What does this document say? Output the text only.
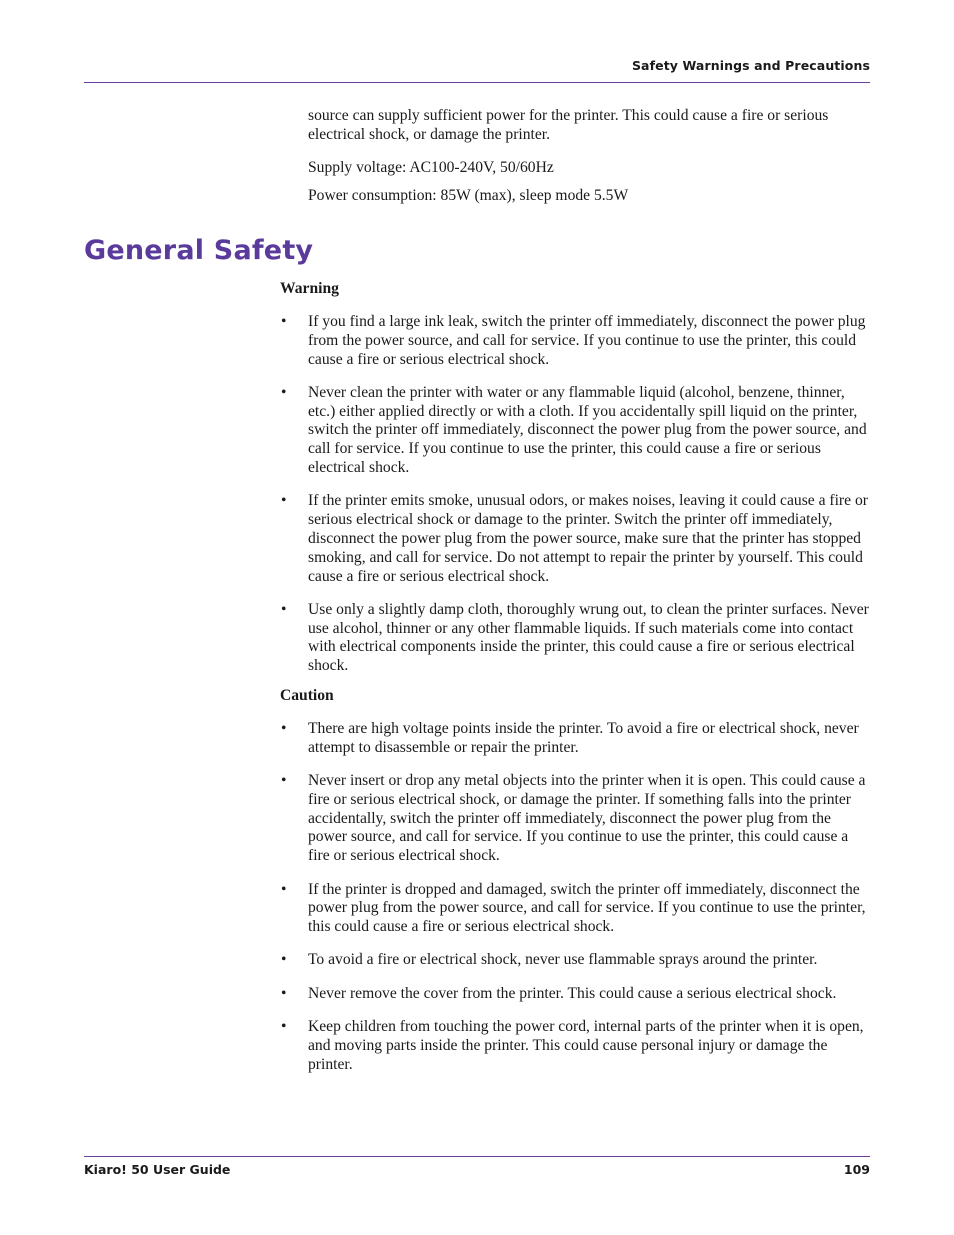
Safety Warnings and Precautions

source can supply sufficient power for the printer. This could cause a fire or serious electrical shock, or damage the printer.

Supply voltage: AC100-240V, 50/60Hz

Power consumption: 85W (max), sleep mode 5.5W

General Safety

Warning

• If you find a large ink leak, switch the printer off immediately, disconnect the power plug from the power source, and call for service. If you continue to use the printer, this could cause a fire or serious electrical shock.
• Never clean the printer with water or any flammable liquid (alcohol, benzene, thinner, etc.) either applied directly or with a cloth. If you accidentally spill liquid on the printer, switch the printer off immediately, disconnect the power plug from the power source, and call for service. If you continue to use the printer, this could cause a fire or serious electrical shock.
• If the printer emits smoke, unusual odors, or makes noises, leaving it could cause a fire or serious electrical shock or damage to the printer. Switch the printer off immediately, disconnect the power plug from the power source, make sure that the printer has stopped smoking, and call for service. Do not attempt to repair the printer by yourself. This could cause a fire or serious electrical shock.
• Use only a slightly damp cloth, thoroughly wrung out, to clean the printer surfaces. Never use alcohol, thinner or any other flammable liquids. If such materials come into contact with electrical components inside the printer, this could cause a fire or serious electrical shock.

Caution

• There are high voltage points inside the printer. To avoid a fire or electrical shock, never attempt to disassemble or repair the printer.
• Never insert or drop any metal objects into the printer when it is open. This could cause a fire or serious electrical shock, or damage the printer. If something falls into the printer accidentally, switch the printer off immediately, disconnect the power plug from the power source, and call for service. If you continue to use the printer, this could cause a fire or serious electrical shock.
• If the printer is dropped and damaged, switch the printer off immediately, disconnect the power plug from the power source, and call for service. If you continue to use the printer, this could cause a fire or serious electrical shock.
• To avoid a fire or electrical shock, never use flammable sprays around the printer.
• Never remove the cover from the printer. This could cause a serious electrical shock.
• Keep children from touching the power cord, internal parts of the printer when it is open, and moving parts inside the printer. This could cause personal injury or damage the printer.
Kiaro! 50 User Guide	109
